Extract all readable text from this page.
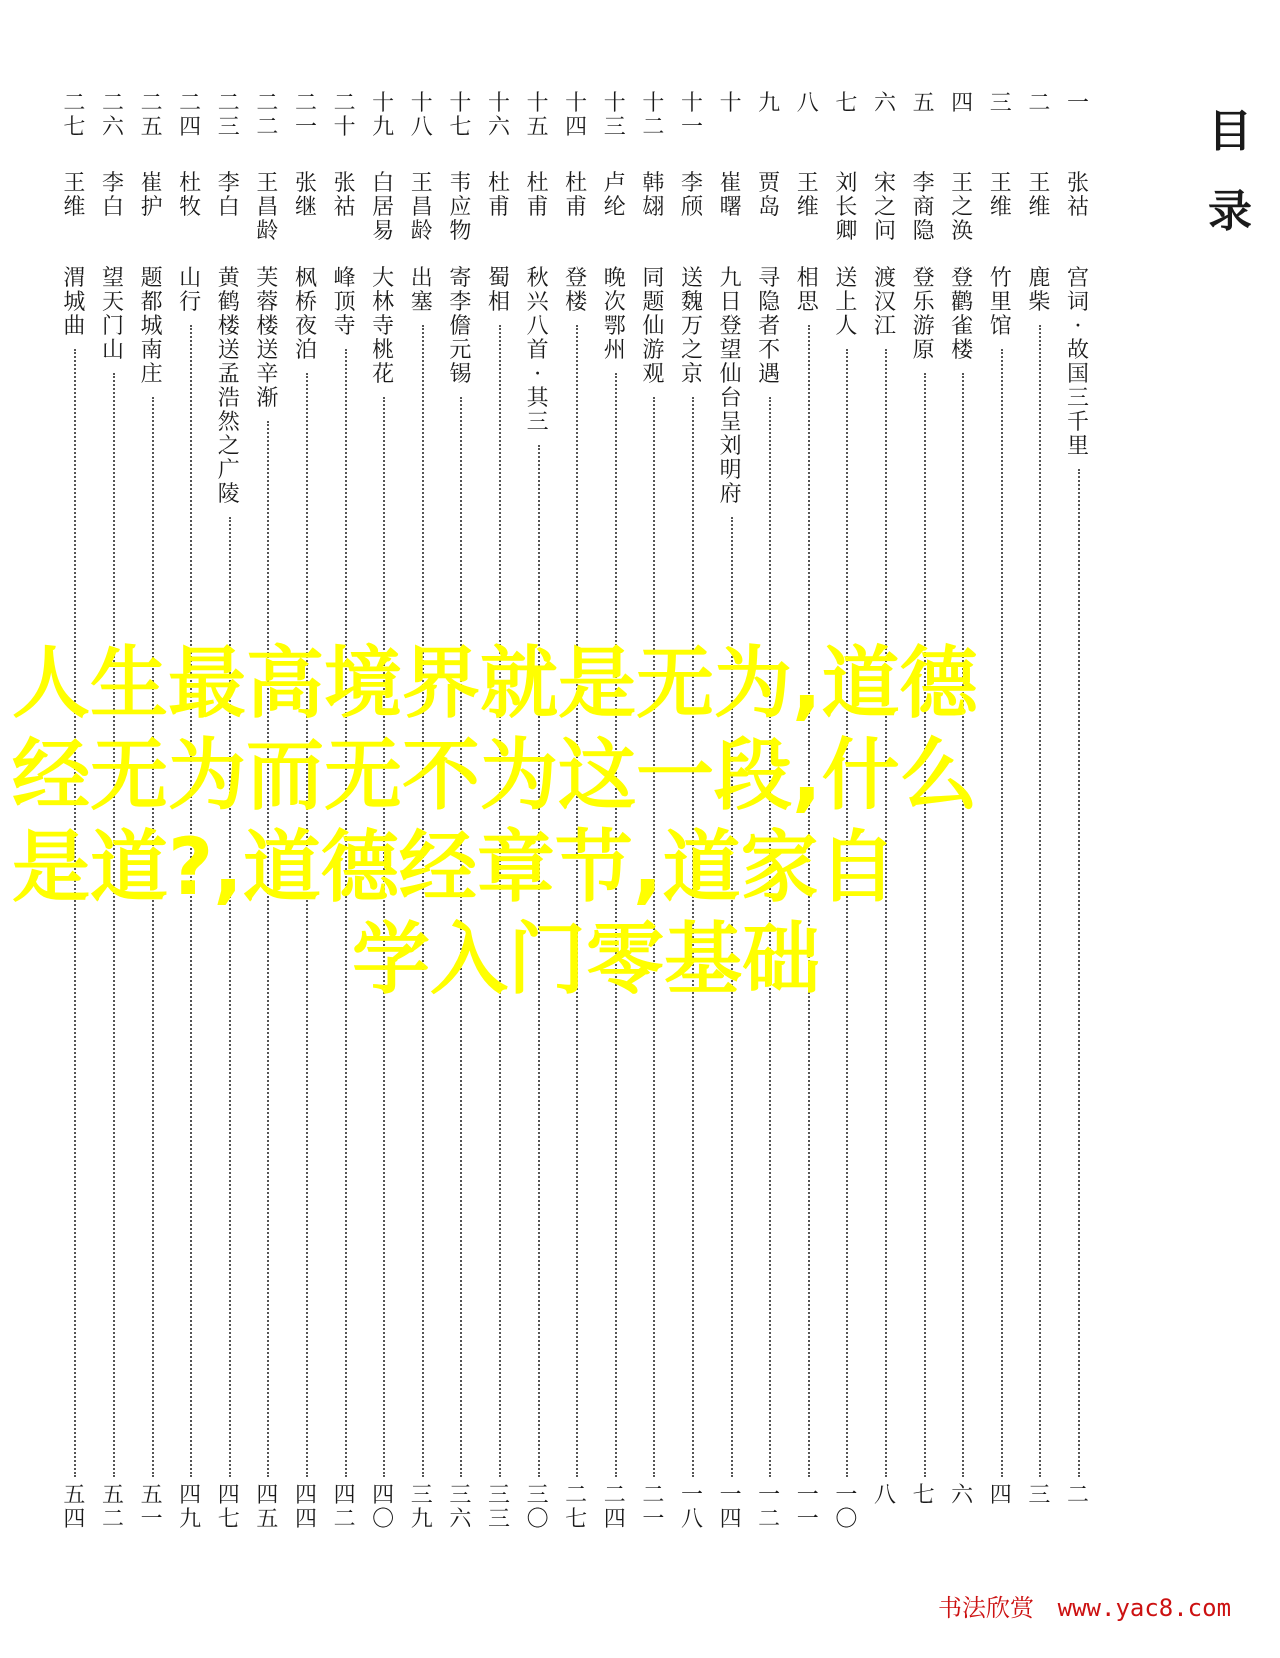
目
录
一
张
祜
宫
词
·
故
国
三
千
里
二
二
王
维
鹿
柴
三
三
王
维
竹
里
馆
四
四
王
之
涣
登
鹳
雀
楼
六
五
李
商
隐
登
乐
游
原
七
六
宋
之
问
渡
汉
江
八
七
刘
长
卿
送
上
人
一
〇
八
王
维
相
思
一
一
九
贾
岛
寻
隐
者
不
遇
一
二
十
崔
曙
九
日
登
望
仙
台
呈
刘
明
府
一
四
十
一
李
颀
送
魏
万
之
京
一
八
十
二
韩
翃
同
题
仙
游
观
二
一
十
三
卢
纶
晚
次
鄂
州
二
四
十
四
杜
甫
登
楼
二
七
十
五
杜
甫
秋
兴
八
首
·
其
三
三
〇
十
六
杜
甫
蜀
相
三
三
十
七
韦
应
物
寄
李
儋
元
锡
三
六
十
八
王
昌
龄
出
塞
三
九
十
九
白
居
易
大
林
寺
桃
花
四
〇
二
十
张
祜
峰
顶
寺
四
二
二
一
张
继
枫
桥
夜
泊
四
四
二
二
王
昌
龄
芙
蓉
楼
送
辛
渐
四
五
二
三
李
白
黄
鹤
楼
送
孟
浩
然
之
广
陵
四
七
二
四
杜
牧
山
行
四
九
二
五
崔
护
题
都
城
南
庄
五
一
二
六
李
白
望
天
门
山
五
二
二
七
王
维
渭
城
曲
五
四
人生最高境界就是无为,道德
经无为而无不为这一段,什么
是道?,道德经章节,道家自
学入门零基础
书法欣赏 www.yac8.com
